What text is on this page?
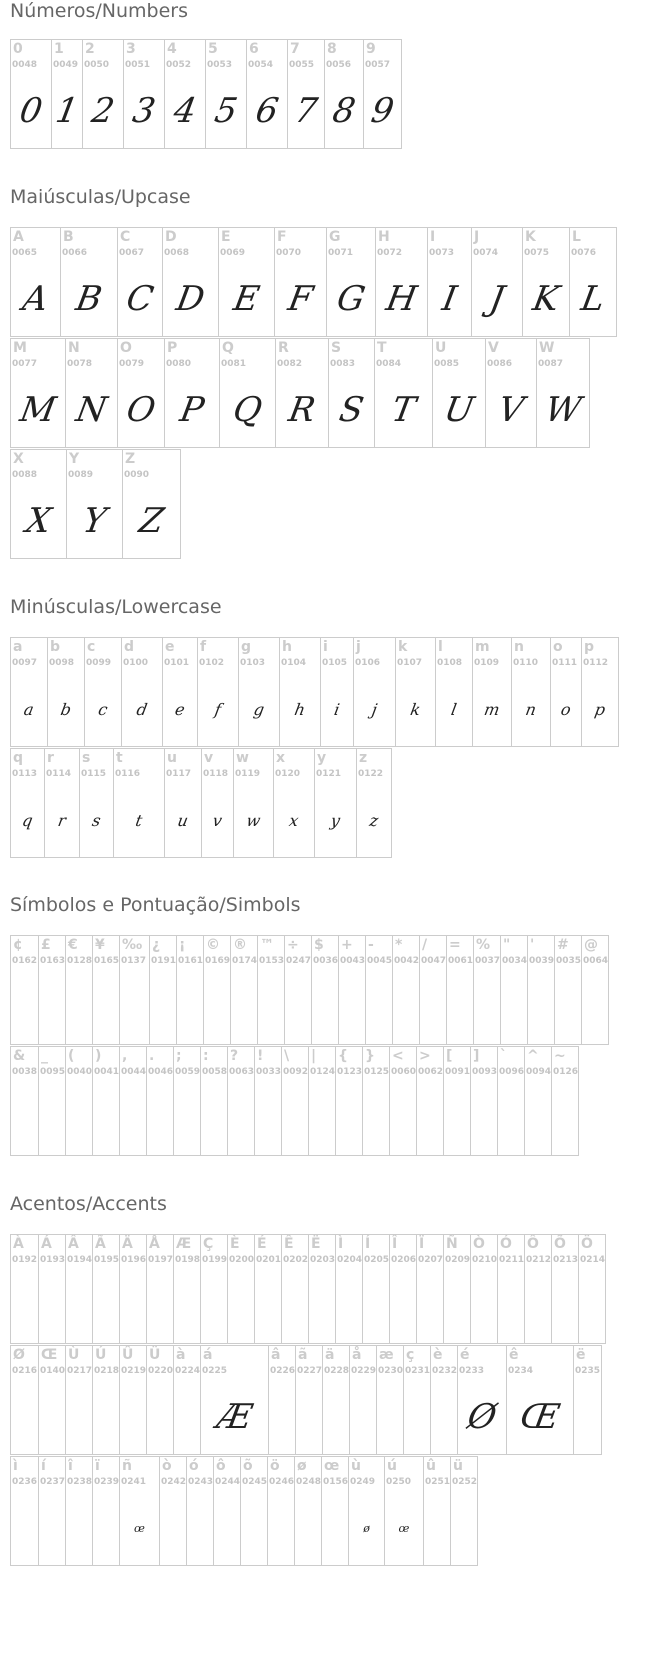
Números/Numbers
0
0048
0
1
0049
1
2
0050
2
3
0051
3
4
0052
4
5
0053
5
6
0054
6
7
0055
7
8
0056
8
9
0057
9
Maiúsculas/Upcase
A
0065
A
B
0066
B
C
0067
C
D
0068
D
E
0069
E
F
0070
F
G
0071
G
H
0072
H
I
0073
I
J
0074
J
K
0075
K
L
0076
L
M
0077
M
N
0078
N
O
0079
O
P
0080
P
Q
0081
Q
R
0082
R
S
0083
S
T
0084
T
U
0085
U
V
0086
V
W
0087
W
X
0088
X
Y
0089
Y
Z
0090
Z
Minúsculas/Lowercase
a
0097
a
b
0098
b
c
0099
c
d
0100
d
e
0101
e
f
0102
f
g
0103
g
h
0104
h
i
0105
i
j
0106
j
k
0107
k
l
0108
l
m
0109
m
n
0110
n
o
0111
o
p
0112
p
q
0113
q
r
0114
r
s
0115
s
t
0116
t
u
0117
u
v
0118
v
w
0119
w
x
0120
x
y
0121
y
z
0122
z
Símbolos e Pontuação/Simbols
¢
0162
£
0163
€
0128
¥
0165
‰
0137
¿
0191
¡
0161
©
0169
®
0174
™
0153
÷
0247
$
0036
+
0043
-
0045
*
0042
/
0047
=
0061
%
0037
"
0034
'
0039
#
0035
@
0064
&
0038
_
0095
(
0040
)
0041
,
0044
.
0046
;
0059
:
0058
?
0063
!
0033
\
0092
|
0124
{
0123
}
0125
<
0060
>
0062
[
0091
]
0093
`
0096
^
0094
~
0126
Acentos/Accents
À
0192
Á
0193
Â
0194
Ã
0195
Ä
0196
Å
0197
Æ
0198
Ç
0199
È
0200
É
0201
Ê
0202
Ë
0203
Ì
0204
Í
0205
Î
0206
Ï
0207
Ñ
0209
Ò
0210
Ó
0211
Ô
0212
Õ
0213
Ö
0214
Ø
0216
Œ
0140
Ù
0217
Ú
0218
Û
0219
Ü
0220
à
0224
á
0225
Æ
â
0226
ã
0227
ä
0228
å
0229
æ
0230
ç
0231
è
0232
é
0233
Ø
ê
0234
Œ
ë
0235
ì
0236
í
0237
î
0238
ï
0239
ñ
0241
œ
ò
0242
ó
0243
ô
0244
õ
0245
ö
0246
ø
0248
œ
0156
ù
0249
ø
ú
0250
œ
û
0251
ü
0252
